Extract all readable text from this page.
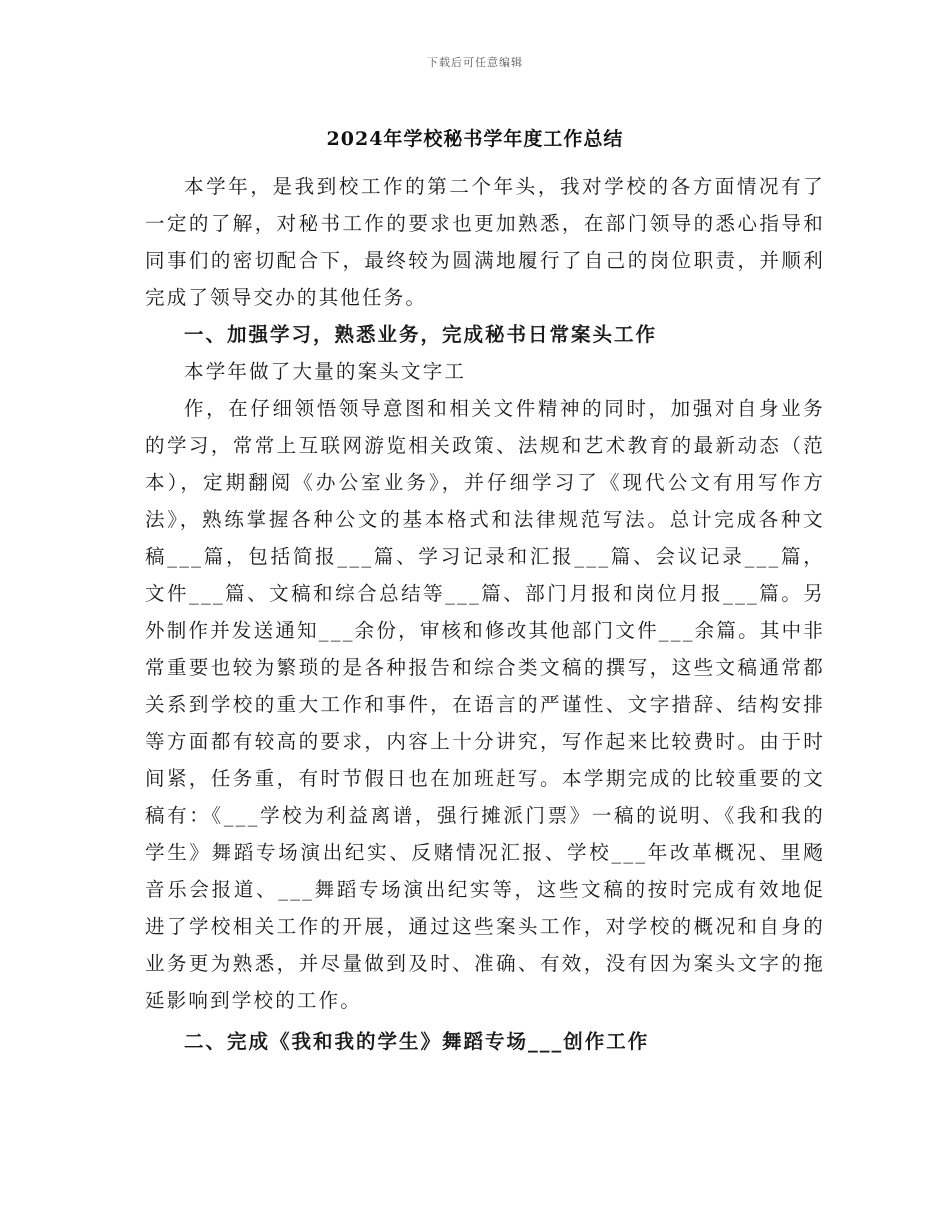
下载后可任意编辑
2024年学校秘书学年度工作总结

本学年，是我到校工作的第二个年头，我对学校的各方面情况有了一定的了解，对秘书工作的要求也更加熟悉，在部门领导的悉心指导和同事们的密切配合下，最终较为圆满地履行了自己的岗位职责，并顺利完成了领导交办的其他任务。

一、加强学习，熟悉业务，完成秘书日常案头工作

本学年做了大量的案头文字工

作，在仔细领悟领导意图和相关文件精神的同时，加强对自身业务的学习，常常上互联网游览相关政策、法规和艺术教育的最新动态（范本），定期翻阅《办公室业务》，并仔细学习了《现代公文有用写作方法》，熟练掌握各种公文的基本格式和法律规范写法。总计完成各种文稿___篇，包括简报___篇、学习记录和汇报___篇、会议记录___篇，文件___篇、文稿和综合总结等___篇、部门月报和岗位月报___篇。另外制作并发送通知___余份，审核和修改其他部门文件___余篇。其中非常重要也较为繁琐的是各种报告和综合类文稿的撰写，这些文稿通常都关系到学校的重大工作和事件，在语言的严谨性、文字措辞、结构安排等方面都有较高的要求，内容上十分讲究，写作起来比较费时。由于时间紧，任务重，有时节假日也在加班赶写。本学期完成的比较重要的文稿有：《___学校为利益离谱，强行摊派门票》一稿的说明、《我和我的学生》舞蹈专场演出纪实、反赌情况汇报、学校___年改革概况、里飏音乐会报道、___舞蹈专场演出纪实等，这些文稿的按时完成有效地促进了学校相关工作的开展，通过这些案头工作，对学校的概况和自身的业务更为熟悉，并尽量做到及时、准确、有效，没有因为案头文字的拖延影响到学校的工作。

二、完成《我和我的学生》舞蹈专场___创作工作
